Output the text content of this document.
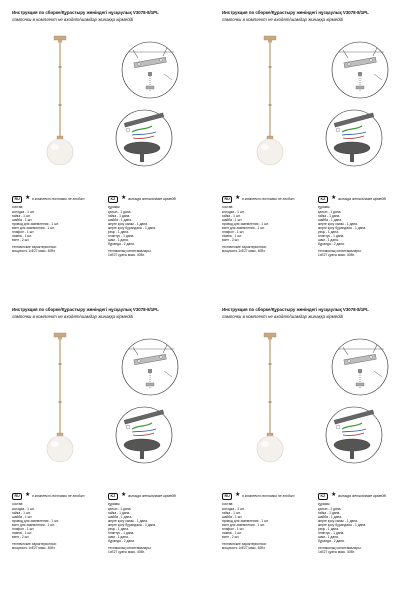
Инструкция по сборке/Құрастыру жөніндегі нұсқаулық V3078-8/1PL
лампочки в комплект не входят/шамдар жинаққа кірмейді
RU ★ в комплект поставки не входит	KZ ★ жинаққа жеткізілімге кірмейді
состав:
колодка - 1 шт.
гайка - 1 шт.
шайба - 1 шт.
провод для заземления - 1 шт.
винт для заземления - 1 шт.
плафон - 1 шт.
лампа - 1 шт.
винт - 2 шт.
технические характеристики:
мощность 1хE27 макс. 40Вт.
құрамы:
қалып - 1 дана.
гайка - 1 дана.
шайба - 1 дана.
жерге қосу сымы - 1 дана.
жерге қосу бұрандасы - 1 дана.
реңк - 1 дана.
плинтус - 1 дана.
шам - 1 дана.
бұранда - 2 дана.
техникалық сипаттамалары:
1хE27 қуаты макс. 40Вт.
Инструкция по сборке/Құрастыру жөніндегі нұсқаулық V3078-8/1PL
лампочки в комплект не входят/шамдар жинаққа кірмейді
RU ★ в комплект поставки не входит	KZ ★ жинаққа жеткізілімге кірмейді
состав:
колодка - 1 шт.
гайка - 1 шт.
шайба - 1 шт.
провод для заземления - 1 шт.
винт для заземления - 1 шт.
плафон - 1 шт.
лампа - 1 шт.
винт - 2 шт.
технические характеристики:
мощность 1хE27 макс. 40Вт.
құрамы:
қалып - 1 дана.
гайка - 1 дана.
шайба - 1 дана.
жерге қосу сымы - 1 дана.
жерге қосу бұрандасы - 1 дана.
реңк - 1 дана.
плинтус - 1 дана.
шам - 1 дана.
бұранда - 2 дана.
техникалық сипаттамалары:
1хE27 қуаты макс. 40Вт.
Инструкция по сборке/Құрастыру жөніндегі нұсқаулық V3078-8/1PL
лампочки в комплект не входят/шамдар жинаққа кірмейді
RU ★ в комплект поставки не входит	KZ ★ жинаққа жеткізілімге кірмейді
состав:
колодка - 1 шт.
гайка - 1 шт.
шайба - 1 шт.
провод для заземления - 1 шт.
винт для заземления - 1 шт.
плафон - 1 шт.
лампа - 1 шт.
винт - 2 шт.
технические характеристики:
мощность 1хE27 макс. 40Вт.
құрамы:
қалып - 1 дана.
гайка - 1 дана.
шайба - 1 дана.
жерге қосу сымы - 1 дана.
жерге қосу бұрандасы - 1 дана.
реңк - 1 дана.
плинтус - 1 дана.
шам - 1 дана.
бұранда - 2 дана.
техникалық сипаттамалары:
1хE27 қуаты макс. 40Вт.
Инструкция по сборке/Құрастыру жөніндегі нұсқаулық V3078-8/1PL
лампочки в комплект не входят/шамдар жинаққа кірмейді
RU ★ в комплект поставки не входит	KZ ★ жинаққа жеткізілімге кірмейді
состав:
колодка - 1 шт.
гайка - 1 шт.
шайба - 1 шт.
провод для заземления - 1 шт.
винт для заземления - 1 шт.
плафон - 1 шт.
лампа - 1 шт.
винт - 2 шт.
технические характеристики:
мощность 1хE27 макс. 40Вт.
құрамы:
қалып - 1 дана.
гайка - 1 дана.
шайба - 1 дана.
жерге қосу сымы - 1 дана.
жерге қосу бұрандасы - 1 дана.
реңк - 1 дана.
плинтус - 1 дана.
шам - 1 дана.
бұранда - 2 дана.
техникалық сипаттамалары:
1хE27 қуаты макс. 40Вт.
